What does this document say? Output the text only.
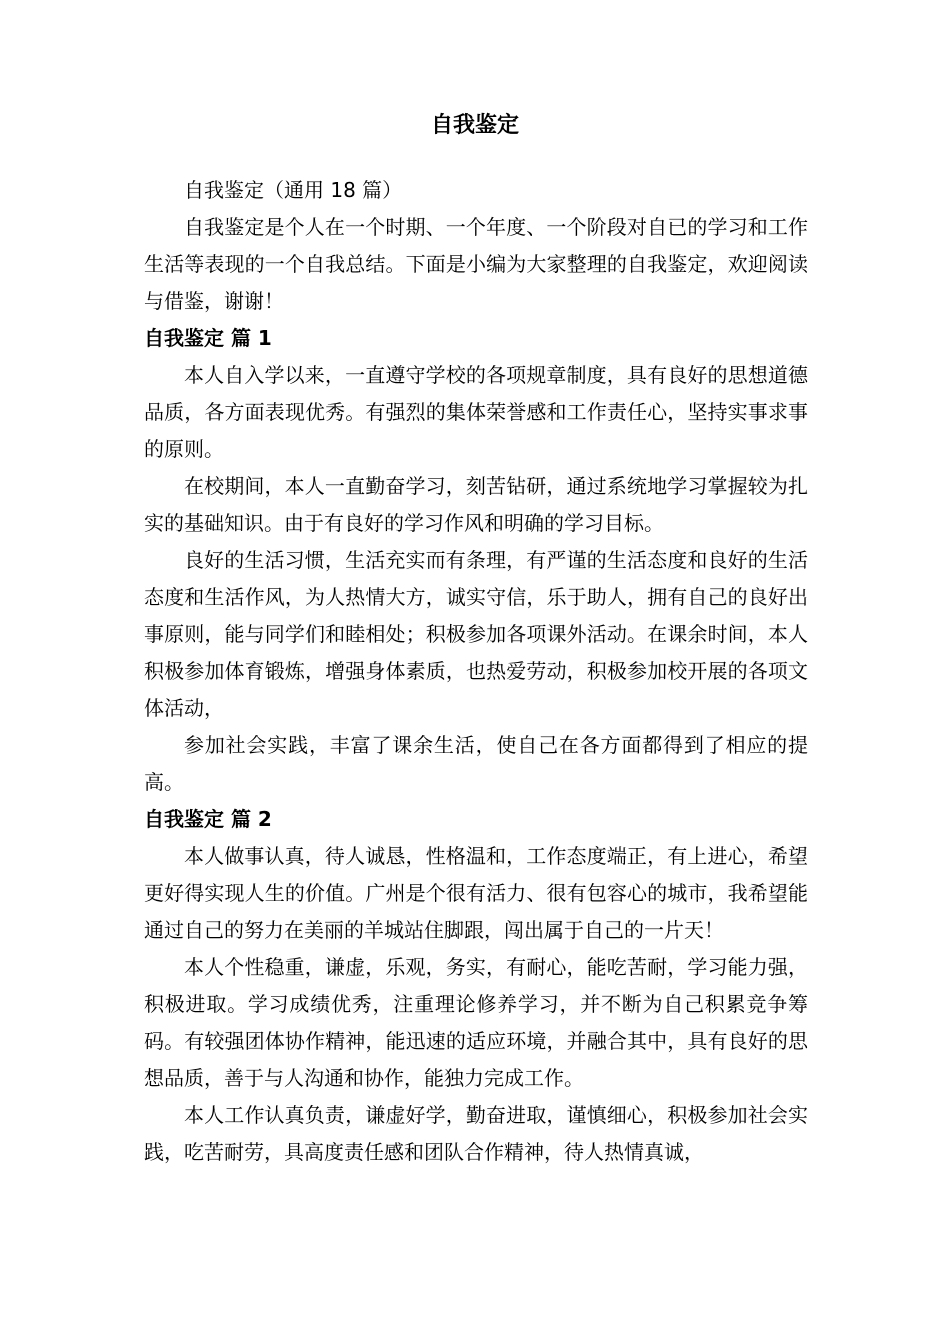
自我鉴定

自我鉴定（通用 18 篇）

自我鉴定是个人在一个时期、一个年度、一个阶段对自已的学习和工作生活等表现的一个自我总结。下面是小编为大家整理的自我鉴定，欢迎阅读与借鉴，谢谢！

自我鉴定 篇 1

本人自入学以来，一直遵守学校的各项规章制度，具有良好的思想道德品质，各方面表现优秀。有强烈的集体荣誉感和工作责任心，坚持实事求事的原则。

在校期间，本人一直勤奋学习，刻苦钻研，通过系统地学习掌握较为扎实的基础知识。由于有良好的学习作风和明确的学习目标。

良好的生活习惯，生活充实而有条理，有严谨的生活态度和良好的生活态度和生活作风，为人热情大方，诚实守信，乐于助人，拥有自己的良好出事原则，能与同学们和睦相处；积极参加各项课外活动。在课余时间，本人积极参加体育锻炼，增强身体素质，也热爱劳动，积极参加校开展的各项文体活动，

参加社会实践，丰富了课余生活，使自己在各方面都得到了相应的提高。

自我鉴定 篇 2

本人做事认真，待人诚恳，性格温和，工作态度端正，有上进心，希望更好得实现人生的价值。广州是个很有活力、很有包容心的城市，我希望能通过自己的努力在美丽的羊城站住脚跟，闯出属于自己的一片天！

本人个性稳重，谦虚，乐观，务实，有耐心，能吃苦耐，学习能力强，积极进取。学习成绩优秀，注重理论修养学习，并不断为自己积累竞争筹码。有较强团体协作精神，能迅速的适应环境，并融合其中，具有良好的思想品质，善于与人沟通和协作，能独力完成工作。

本人工作认真负责，谦虚好学，勤奋进取，谨慎细心，积极参加社会实践，吃苦耐劳，具高度责任感和团队合作精神，待人热情真诚，
